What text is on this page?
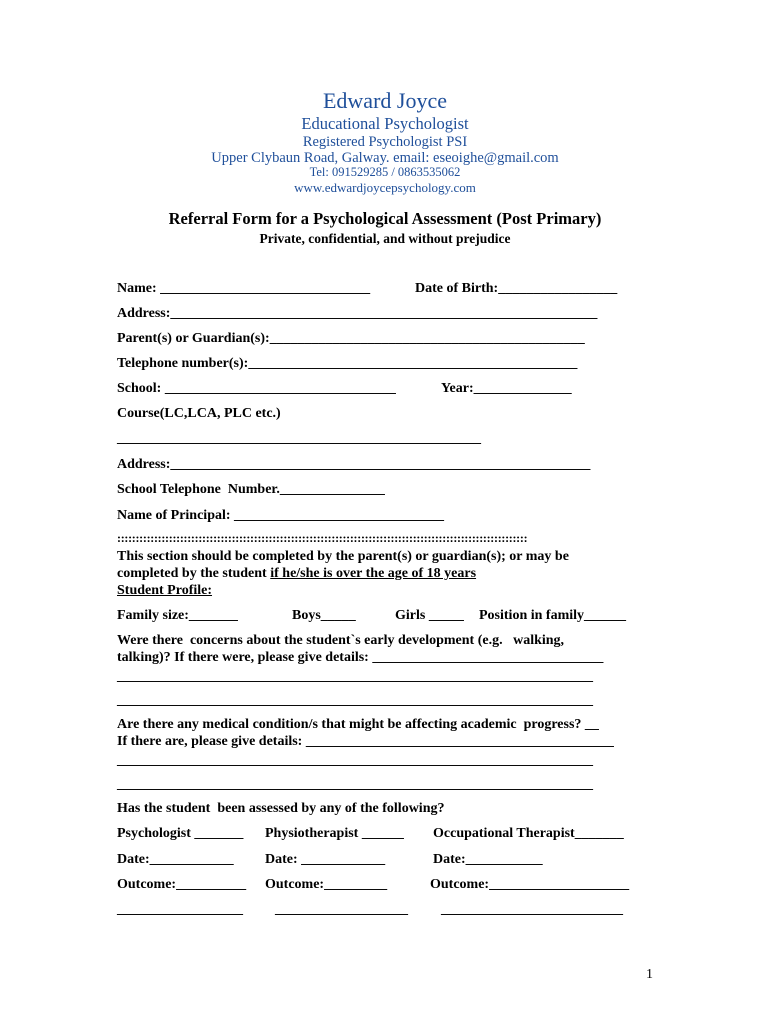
Edward Joyce
Educational Psychologist
Registered Psychologist PSI
Upper Clybaun Road, Galway. email: eseoighe@gmail.com
Tel: 091529285 / 0863535062
www.edwardjoycepsychology.com
Referral Form for a Psychological Assessment (Post Primary)
Private, confidential, and without prejudice
Name: ______________________________	Date of Birth:_________________
Address:_____________________________________________________________
Parent(s) or Guardian(s):_____________________________________________
Telephone number(s):_______________________________________________
School: _________________________________	Year:______________
Course(LC,LCA, PLC etc.)
____________________________________________________
Address:____________________________________________________________
School Telephone  Number._______________
Name of Principal: ______________________________
:::::::::::::::::::::::::::::::::::::::::::::::::::::::::::::::::::::::::::::::::::::::::::::::::::::::::::::::
This section should be completed by the parent(s) or guardian(s); or may be
completed by the student if he/she is over the age of 18 years
Student Profile:
Family size:_______	Boys_____	Girls _____ Position in family______
Were there  concerns about the student`s early development (e.g.   walking,
talking)? If there were, please give details: _________________________________
____________________________________________________________________
____________________________________________________________________
Are there any medical condition/s that might be affecting academic  progress? __
If there are, please give details: ____________________________________________
____________________________________________________________________
____________________________________________________________________
Has the student  been assessed by any of the following?
Psychologist _______ Physiotherapist ______ Occupational Therapist_______
Date:____________ Date: ____________	Date:___________
Outcome:__________ Outcome:_________	Outcome:____________________
__________________ ___________________ __________________________
1
